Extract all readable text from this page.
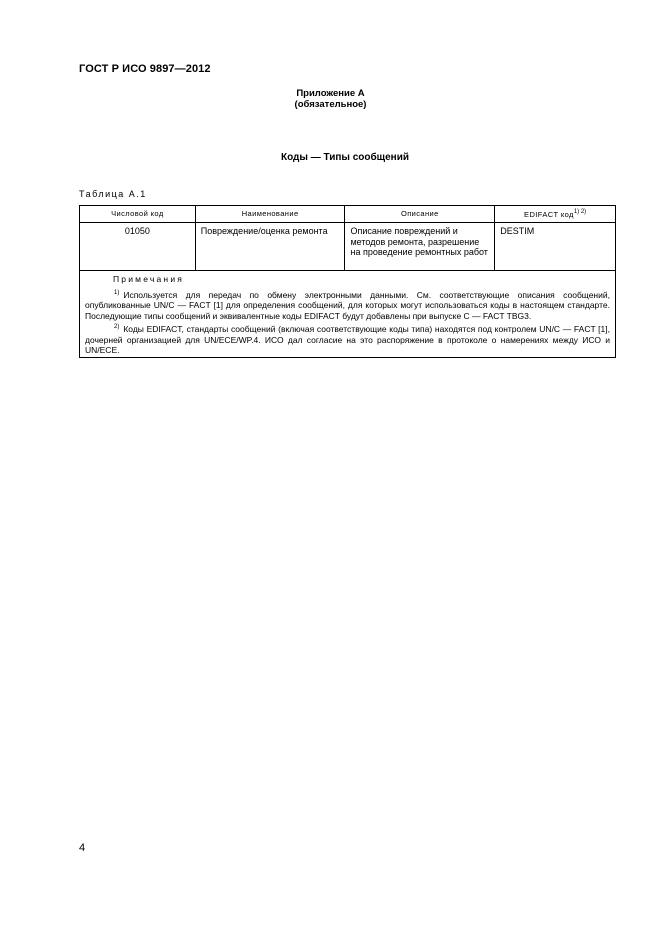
ГОСТ Р ИСО 9897—2012
Приложение А
(обязательное)
Коды — Типы сообщений
Таблица А.1
Числовой код	Наименование	Описание	EDIFACT код$^{1) 2)}$
01050	Повреждение/оценка ремонта	Описание повреждений и методов ремонта, разрешение на проведение ремонтных работ	DESTIM

Примечания

$^{1)}$ Используется для передач по обмену электронными данными. См. соответствующие описания сообщений, опубликованные UN/C — FACT [1] для определения сообщений, для которых могут использоваться коды в настоящем стандарте. Последующие типы сообщений и эквивалентные коды EDIFACT будут добавлены при выпуске С — FACT TBG3.

$^{2)}$ Коды EDIFACT, стандарты сообщений (включая соответствующие коды типа) находятся под контролем UN/C — FACT [1], дочерней организацией для UN/ECE/WP.4. ИСО дал согласие на это распоряжение в протоколе о намерениях между ИСО и UN/ECE.			

4
